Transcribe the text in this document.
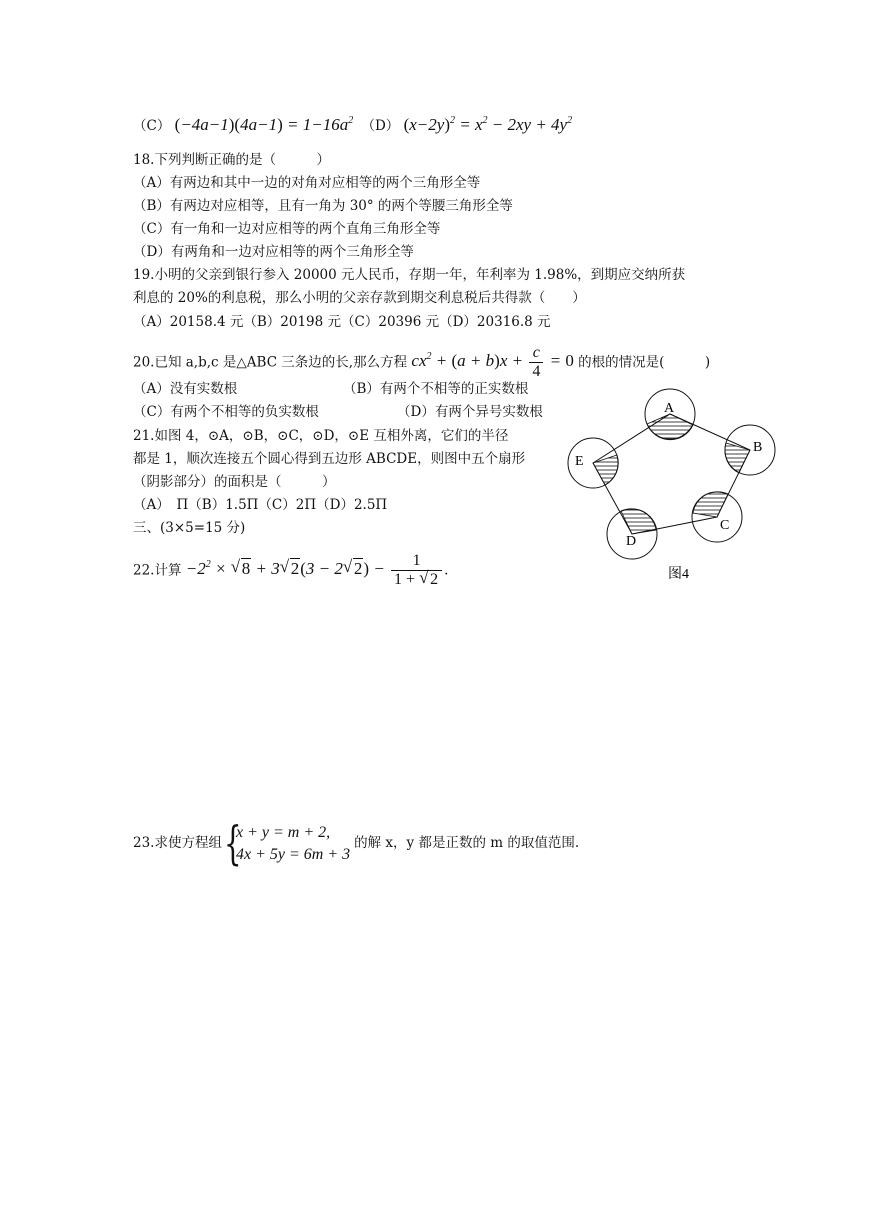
（C） $(-4a-1)(4a-1) = 1-16a^2$ （D） $(x-2y)^2 = x^2 - 2xy + 4y^2$
18.下列判断正确的是（　　　）
（A）有两边和其中一边的对角对应相等的两个三角形全等
（B）有两边对应相等，且有一角为 30° 的两个等腰三角形全等
（C）有一角和一边对应相等的两个直角三角形全等
（D）有两角和一边对应相等的两个三角形全等
19.小明的父亲到银行参入 20000 元人民币，存期一年，年利率为 1.98%，到期应交纳所获
利息的 20%的利息税，那么小明的父亲存款到期交利息税后共得款（　　）
（A）20158.4 元（B）20198 元（C）20396 元（D）20316.8 元
20.已知 a,b,c 是△ABC 三条边的长,那么方程 $cx^2 + (a + b)x + \frac{c}{4} = 0$ 的根的情况是(　　　)
（A）没有实数根	（B）有两个不相等的正实数根
（C）有两个不相等的负实数根	（D）有两个异号实数根
21.如图 4，⊙A，⊙B，⊙C，⊙D，⊙E 互相外离，它们的半径
都是 1，顺次连接五个圆心得到五边形 ABCDE，则图中五个扇形
（阴影部分）的面积是（　　　）
（A）　Π（B）1.5Π（C）2Π（D）2.5Π
三、(3×5=15 分)
22.计算 $-2^2$ × √ 8 + 3 √ 2(3 − 2 √ $2) - \frac{1}{1 + √ 2}$ .
23.求使方程组 {
x + y = m + 2,
4x + 5y = 6m + 3
的解 x，y 都是正数的 m 的取值范围.
A
B
C
D
E
图4
